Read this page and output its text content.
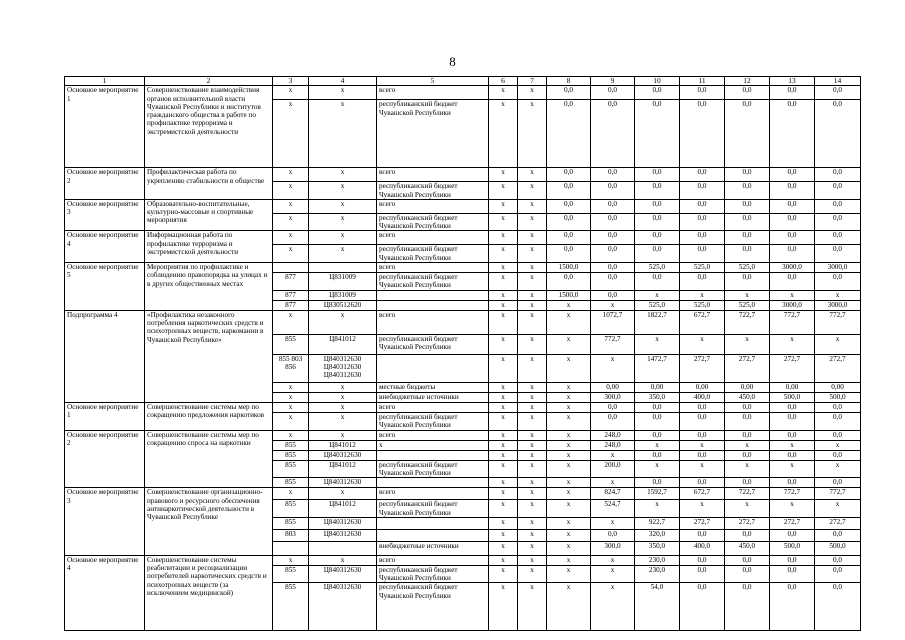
8
1	2	3	4	5	6	7	8	9	10	11	12	13	14
Основное мероприятие 1	Совершенствование взаимодействия органов исполнительной власти Чувашской Республики и институтов гражданского общества в работе по профилактике терроризма и экстремистской деятельности	x	x	всего	x	x	0,0	0,0	0,0	0,0	0,0	0,0	0,0
		x	x	республиканский бюджет Чувашской Республики	x	x	0,0	0,0	0,0	0,0	0,0	0,0	0,0
Основное мероприятие 2	Профилактическая работа по укреплению стабильности в обществе	x	x	всего	x	x	0,0	0,0	0,0	0,0	0,0	0,0	0,0
		x	x	республиканский бюджет Чувашской Республики	x	x	0,0	0,0	0,0	0,0	0,0	0,0	0,0
Основное мероприятие 3	Образовательно-воспитательные, культурно-массовые и спортивные мероприятия	x	x	всего	x	x	0,0	0,0	0,0	0,0	0,0	0,0	0,0
		x	x	республиканский бюджет Чувашской Республики	x	x	0,0	0,0	0,0	0,0	0,0	0,0	0,0
Основное мероприятие 4	Информационная работа по профилактике терроризма и экстремистской деятельности	x	x	всего	x	x	0,0	0,0	0,0	0,0	0,0	0,0	0,0
		x	x	республиканский бюджет Чувашской Республики	x	x	0,0	0,0	0,0	0,0	0,0	0,0	0,0
Основное мероприятие 5	Мероприятия по профилактике и соблюдению правопорядка на улицах и в других общественных местах			всего	x	x	1500,0	0,0	525,0	525,0	525,0	3000,0	3000,0
		877	Ц831009	республиканский бюджет Чувашской Республики	x	x	0,0	0,0	0,0	0,0	0,0	0,0	0,0
		877	Ц831009		x	x	1500,0	0,0	x	x	x	x	x
		877	Ц830512620		x	x	x	x	525,0	525,0	525,0	3000,0	3000,0
Подпрограмма 4	«Профилактика незаконного потребления наркотических средств и психотропных веществ, наркомании в Чувашской Республике»	x	x	всего	x	x	x	1072,7	1822,7	672,7	722,7	772,7	772,7
		855	Ц841012	республиканский бюджет Чувашской Республики	x	x	x	772,7	x	x	x	x	x
		855 803 856	Ц840312630 Ц840312630 Ц840312630		x	x	x	x	1472,7	272,7	272,7	272,7	272,7
		x	x	местные бюджеты	x	x	x	0,00	0,00	0,00	0,00	0,00	0,00
		x	x	внебюджетные источники	x	x	x	300,0	350,0	400,0	450,0	500,0	500,0
Основное мероприятие 1	Совершенствование системы мер по сокращению предложения наркотиков	x	x	всего	x	x	x	0,0	0,0	0,0	0,0	0,0	0,0
		x	x	республиканский бюджет Чувашской Республики	x	x	x	0,0	0,0	0,0	0,0	0,0	0,0
Основное мероприятие 2	Совершенствование системы мер по сокращению спроса на наркотики	x	x	всего	x	x	x	248,0	0,0	0,0	0,0	0,0	0,0
		855	Ц841012	x	x	x	x	248,0	x	x	x	x	x
		855	Ц840312630		x	x	x	x	0,0	0,0	0,0	0,0	0,0
		855	Ц841012	республиканский бюджет Чувашской Республики	x	x	x	200,0	x	x	x	x	x
		855	Ц840312630		x	x	x	x	0,0	0,0	0,0	0,0	0,0
Основное мероприятие 3	Совершенствование организационно-правового и ресурсного обеспечения антинаркотической деятельности в Чувашской Республике	x	x	всего	x	x	x	824,7	1592,7	672,7	722,7	772,7	772,7
		855	Ц841012	республиканский бюджет Чувашской Республики	x	x	x	524,7	x	x	x	x	x
		855	Ц840312630		x	x	x	x	922,7	272,7	272,7	272,7	272,7
		803	Ц840312630		x	x	x	0,0	320,0	0,0	0,0	0,0	0,0
				внебюджетные источники	x	x	x	300,0	350,0	400,0	450,0	500,0	500,0
Основное мероприятие 4	Совершенствование системы реабилитации и ресоциализации потребителей наркотических средств и психотропных веществ (за исключением медицинской)	x	x	всего	x	x	x	x	230,0	0,0	0,0	0,0	0,0
		855	Ц840312630	республиканский бюджет Чувашской Республики	x	x	x	x	230,0	0,0	0,0	0,0	0,0
		855	Ц840312630	республиканский бюджет Чувашской Республики	x	x	x	x	54,0	0,0	0,0	0,0	0,0
